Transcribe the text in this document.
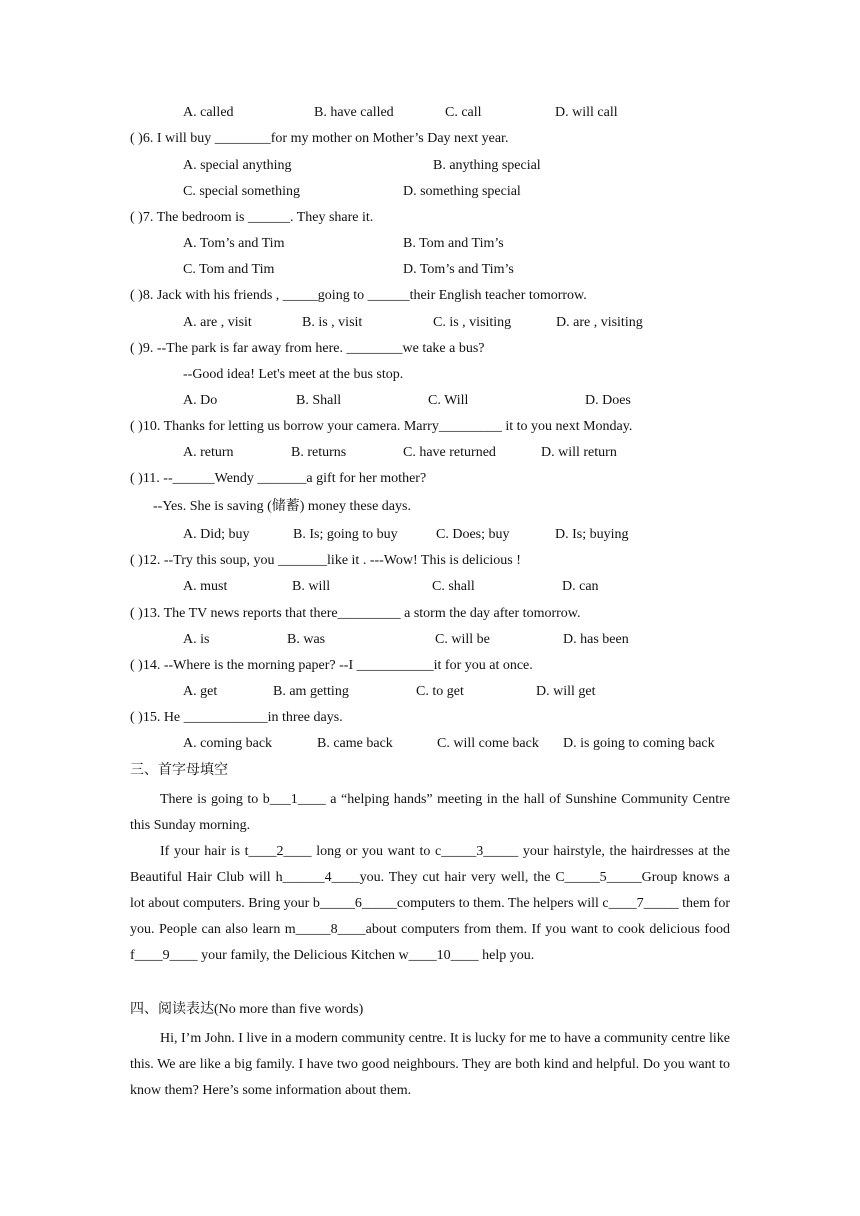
A. called	B. have called	C. call	D. will call
( )6. I will buy ________for my mother on Mother’s Day next year.
A. special anything	B. anything special
C. special something	D. something special
( )7. The bedroom is ______. They share it.
A. Tom’s and Tim	B. Tom and Tim’s
C. Tom and Tim	D. Tom’s and Tim’s
( )8. Jack with his friends , _____going to ______their English teacher tomorrow.
A. are , visit	B. is , visit	C. is , visiting	D. are , visiting
( )9. --The park is far away from here. ________we take a bus?
--Good idea! Let's meet at the bus stop.
A. Do	B. Shall	C. Will	D. Does
( )10. Thanks for letting us borrow your camera. Marry_________ it to you next Monday.
A. return	B. returns	C. have returned	D. will return
( )11. --______Wendy _______a gift for her mother?
--Yes. She is saving (储蓄) money these days.
A. Did; buy	B. Is; going to buy	C. Does; buy	D. Is; buying
( )12. --Try this soup, you _______like it . ---Wow! This is delicious !
A. must	B. will	C. shall	D. can
( )13. The TV news reports that there_________ a storm the day after tomorrow.
A. is	B. was	C. will be	D. has been
( )14. --Where is the morning paper? --I ___________it for you at once.
A. get	B. am getting	C. to get	D. will get
( )15. He ____________in three days.
A. coming back	B. came back	C. will come back D. is going to coming back
三、首字母填空

There is going to b___1____ a “helping hands” meeting in the hall of Sunshine Community Centre this Sunday morning.

If your hair is t____2____ long or you want to c_____3_____ your hairstyle, the hairdresses at the Beautiful Hair Club will h______4____you. They cut hair very well, the C_____5_____Group knows a lot about computers. Bring your b_____6_____computers to them. The helpers will c____7_____ them for you. People can also learn m_____8____about computers from them. If you want to cook delicious food f____9____ your family, the Delicious Kitchen w____10____ help you.

四、阅读表达(No more than five words)

Hi, I’m John. I live in a modern community centre. It is lucky for me to have a community centre like this. We are like a big family. I have two good neighbours. They are both kind and helpful. Do you want to know them? Here’s some information about them.
